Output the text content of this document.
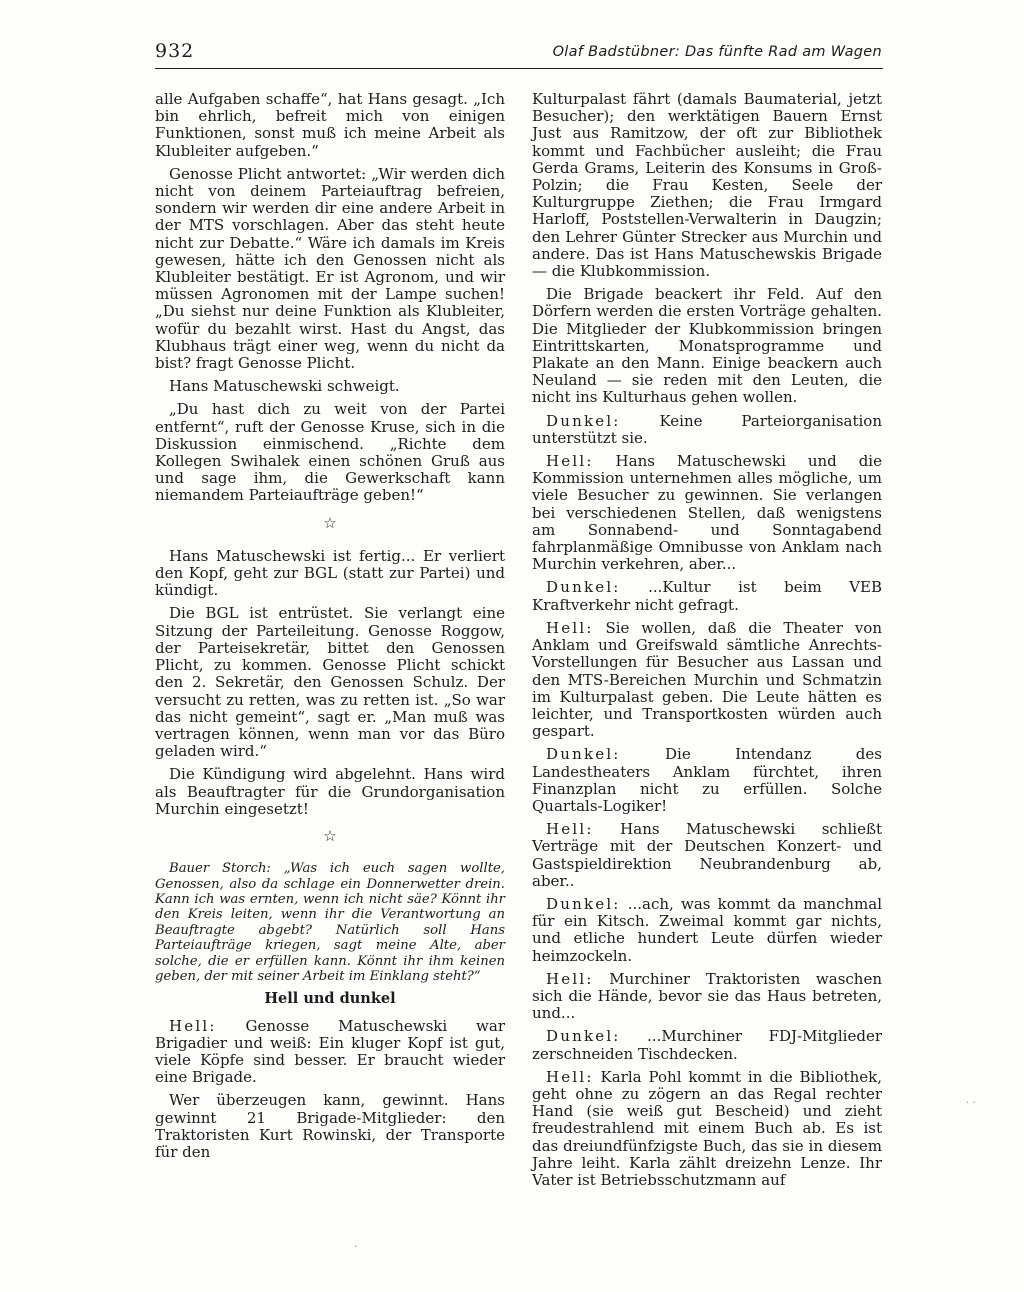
932	Olaf Badstübner: Das fünfte Rad am Wagen

alle Aufgaben schaffe“, hat Hans gesagt. „Ich bin ehrlich, befreit mich von einigen Funktionen, sonst muß ich meine Arbeit als Klubleiter aufgeben.“

Genosse Plicht antwortet: „Wir werden dich nicht von deinem Parteiauftrag befreien, sondern wir werden dir eine andere Arbeit in der MTS vorschlagen. Aber das steht heute nicht zur Debatte.“ Wäre ich damals im Kreis gewesen, hätte ich den Genossen nicht als Klubleiter bestätigt. Er ist Agronom, und wir müssen Agronomen mit der Lampe suchen! „Du siehst nur deine Funktion als Klubleiter, wofür du bezahlt wirst. Hast du Angst, das Klubhaus trägt einer weg, wenn du nicht da bist? fragt Genosse Plicht.

Hans Matuschewski schweigt.

„Du hast dich zu weit von der Partei entfernt“, ruft der Genosse Kruse, sich in die Diskussion einmischend. „Richte dem Kollegen Swihalek einen schönen Gruß aus und sage ihm, die Gewerkschaft kann niemandem Parteiaufträge geben!“

☆

Hans Matuschewski ist fertig... Er verliert den Kopf, geht zur BGL (statt zur Partei) und kündigt.

Die BGL ist entrüstet. Sie verlangt eine Sitzung der Parteileitung. Genosse Roggow, der Parteisekretär, bittet den Genossen Plicht, zu kommen. Genosse Plicht schickt den 2. Sekretär, den Genossen Schulz. Der versucht zu retten, was zu retten ist. „So war das nicht gemeint“, sagt er. „Man muß was vertragen können, wenn man vor das Büro geladen wird.“

Die Kündigung wird abgelehnt. Hans wird als Beauftragter für die Grundorganisation Murchin eingesetzt!

☆

Bauer Storch: „Was ich euch sagen wollte, Genossen, also da schlage ein Donnerwetter drein. Kann ich was ernten, wenn ich nicht säe? Könnt ihr den Kreis leiten, wenn ihr die Verantwortung an Beauftragte abgebt? Natürlich soll Hans Parteiaufträge kriegen, sagt meine Alte, aber solche, die er erfüllen kann. Könnt ihr ihm keinen geben, der mit seiner Arbeit im Einklang steht?“

Hell und dunkel

Hell: Genosse Matuschewski war Brigadier und weiß: Ein kluger Kopf ist gut, viele Köpfe sind besser. Er braucht wieder eine Brigade.

Wer überzeugen kann, gewinnt. Hans gewinnt 21 Brigade-Mitglieder: den Traktoristen Kurt Rowinski, der Transporte für den

Kulturpalast fährt (damals Baumaterial, jetzt Besucher); den werktätigen Bauern Ernst Just aus Ramitzow, der oft zur Bibliothek kommt und Fachbücher ausleiht; die Frau Gerda Grams, Leiterin des Konsums in Groß-Polzin; die Frau Kesten, Seele der Kulturgruppe Ziethen; die Frau Irmgard Harloff, Poststellen-Verwalterin in Daugzin; den Lehrer Günter Strecker aus Murchin und andere. Das ist Hans Matuschewskis Brigade — die Klubkommission.

Die Brigade beackert ihr Feld. Auf den Dörfern werden die ersten Vorträge gehalten. Die Mitglieder der Klubkommission bringen Eintrittskarten, Monatsprogramme und Plakate an den Mann. Einige beackern auch Neuland — sie reden mit den Leuten, die nicht ins Kulturhaus gehen wollen.

Dunkel: Keine Parteiorganisation unterstützt sie.

Hell: Hans Matuschewski und die Kommission unternehmen alles mögliche, um viele Besucher zu gewinnen. Sie verlangen bei verschiedenen Stellen, daß wenigstens am Sonnabend- und Sonntagabend fahrplanmäßige Omnibusse von Anklam nach Murchin verkehren, aber...

Dunkel: ...Kultur ist beim VEB Kraftverkehr nicht gefragt.

Hell: Sie wollen, daß die Theater von Anklam und Greifswald sämtliche Anrechts-Vorstellungen für Besucher aus Lassan und den MTS-Bereichen Murchin und Schmatzin im Kulturpalast geben. Die Leute hätten es leichter, und Transportkosten würden auch gespart.

Dunkel: Die Intendanz des Landestheaters Anklam fürchtet, ihren Finanzplan nicht zu erfüllen. Solche Quartals-Logiker!

Hell: Hans Matuschewski schließt Verträge mit der Deutschen Konzert- und Gastspieldirektion Neubrandenburg ab, aber..

Dunkel: ...ach, was kommt da manchmal für ein Kitsch. Zweimal kommt gar nichts, und etliche hundert Leute dürfen wieder heimzockeln.

Hell: Murchiner Traktoristen waschen sich die Hände, bevor sie das Haus betreten, und...

Dunkel: ...Murchiner FDJ-Mitglieder zerschneiden Tischdecken.

Hell: Karla Pohl kommt in die Bibliothek, geht ohne zu zögern an das Regal rechter Hand (sie weiß gut Bescheid) und zieht freudestrahlend mit einem Buch ab. Es ist das dreiundfünfzigste Buch, das sie in diesem Jahre leiht. Karla zählt dreizehn Lenze. Ihr Vater ist Betriebsschutzmann auf

· ·
·
